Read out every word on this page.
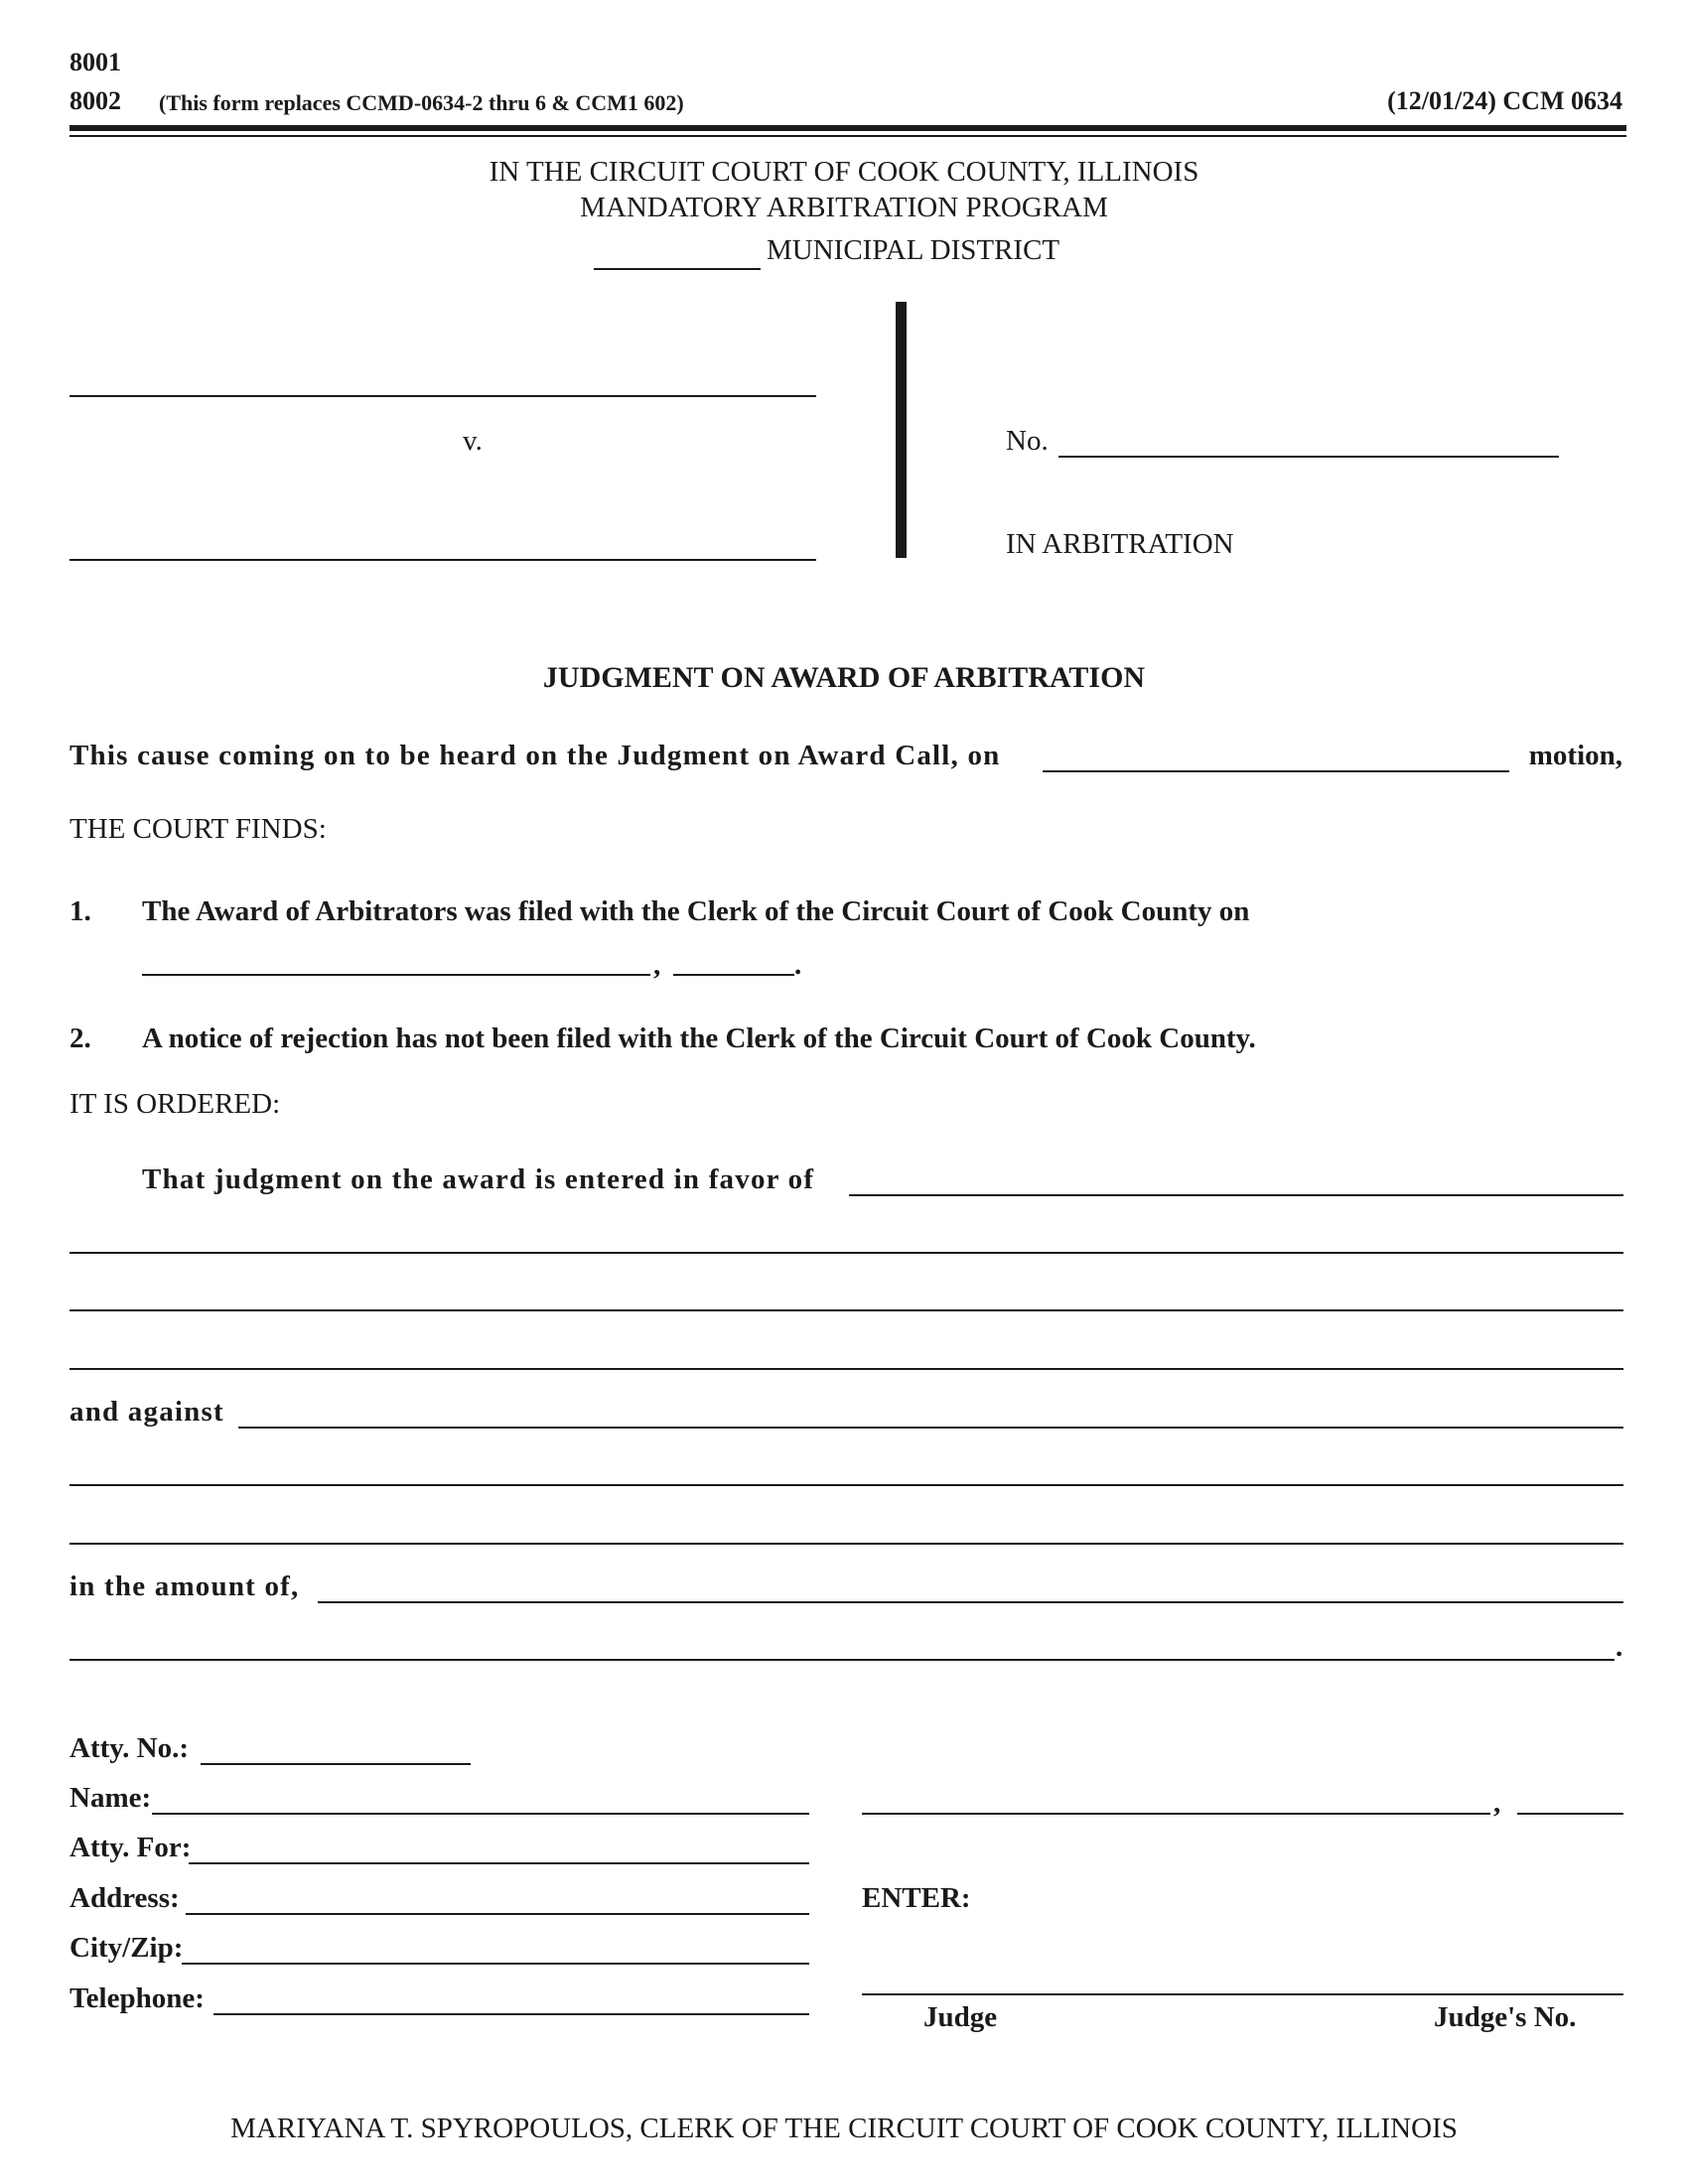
8001
8002 (This form replaces CCMD-0634-2 thru 6 & CCM1 602)	(12/01/24) CCM 0634
IN THE CIRCUIT COURT OF COOK COUNTY, ILLINOIS
MANDATORY ARBITRATION PROGRAM
MUNICIPAL DISTRICT
v.	No.
IN ARBITRATION
JUDGMENT ON AWARD OF ARBITRATION
This cause coming on to be heard on the Judgment on Award Call, on	motion,
THE COURT FINDS:
1. The Award of Arbitrators was filed with the Clerk of the Circuit Court of Cook County on
,	.
2. A notice of rejection has not been filed with the Clerk of the Circuit Court of Cook County.
IT IS ORDERED:
That judgment on the award is entered in favor of
and against
in the amount of,
.
Atty. No.:
Name:
Atty. For:
Address:
City/Zip:
Telephone:
,
ENTER:
Judge	Judge's No.
MARIYANA T. SPYROPOULOS, CLERK OF THE CIRCUIT COURT OF COOK COUNTY, ILLINOIS
